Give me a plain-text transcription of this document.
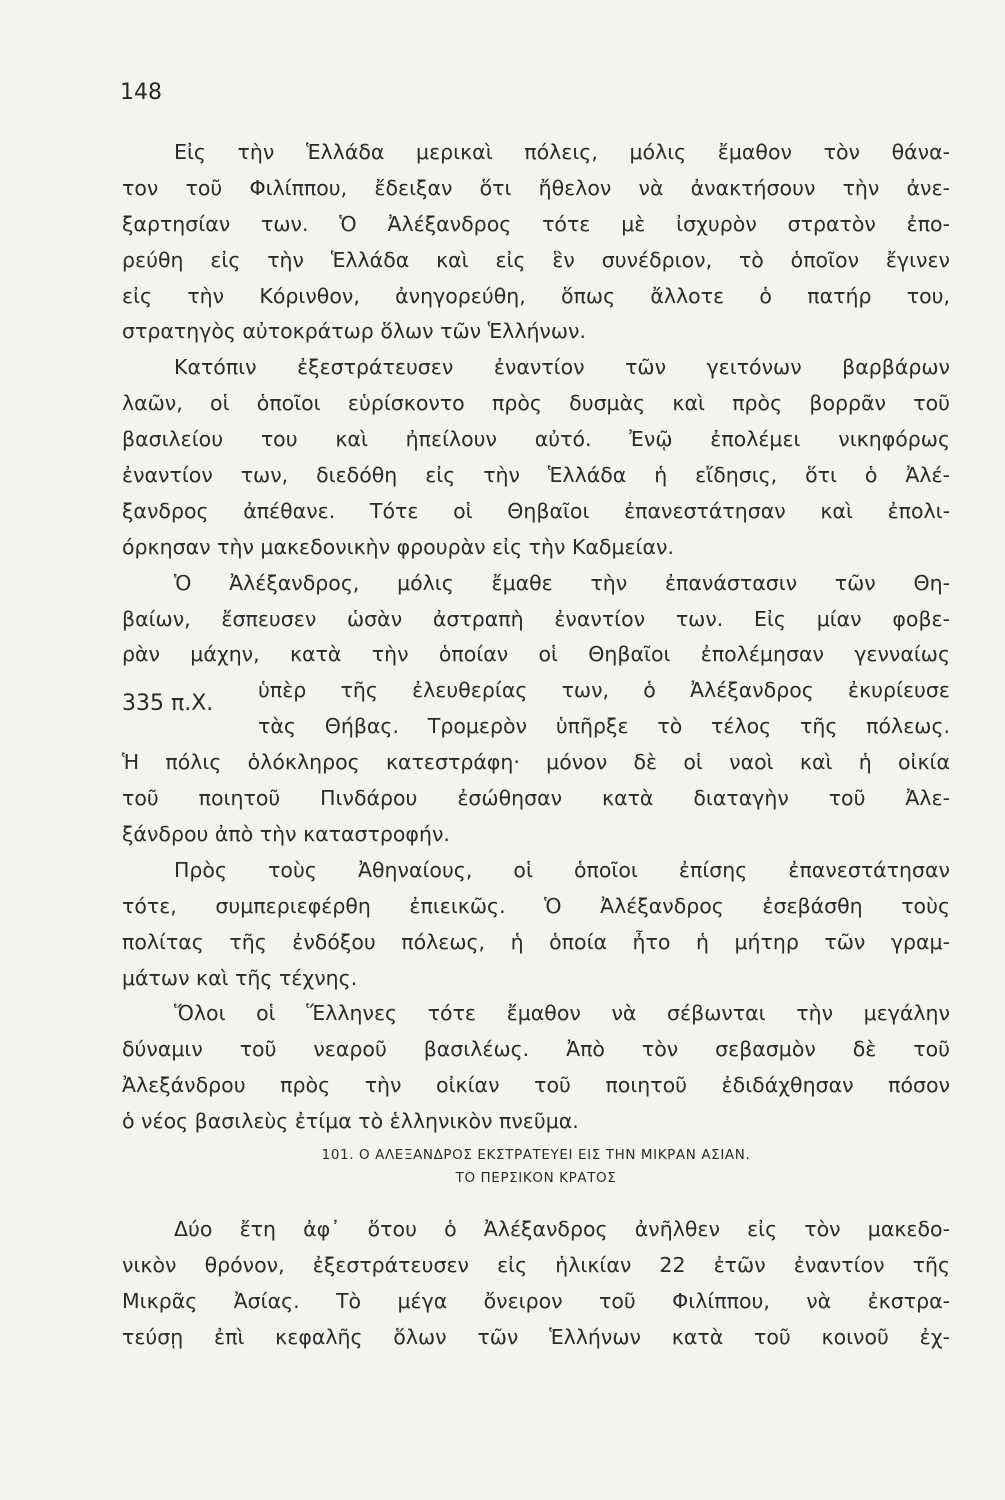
148
Εἰς τὴν Ἑλλάδα μερικαὶ πόλεις, μόλις ἔμαθον τὸν θάνα-
τον τοῦ Φιλίππου, ἔδειξαν ὅτι ἤθελον νὰ ἀνακτήσουν τὴν ἀνε-
ξαρτησίαν των. Ὁ Ἀλέξανδρος τότε μὲ ἰσχυρὸν στρατὸν ἐπο-
ρεύθη εἰς τὴν Ἑλλάδα καὶ εἰς ἓν συνέδριον, τὸ ὁποῖον ἔγινεν
εἰς τὴν Κόρινθον, ἀνηγορεύθη, ὅπως ἄλλοτε ὁ πατήρ του,
στρατηγὸς αὐτοκράτωρ ὅλων τῶν Ἑλλήνων.
Κατόπιν ἐξεστράτευσεν ἐναντίον τῶν γειτόνων βαρβάρων
λαῶν, οἱ ὁποῖοι εὑρίσκοντο πρὸς δυσμὰς καὶ πρὸς βορρᾶν τοῦ
βασιλείου του καὶ ἠπείλουν αὐτό. Ἐνῷ ἐπολέμει νικηφόρως
ἐναντίον των, διεδόθη εἰς τὴν Ἑλλάδα ἡ εἴδησις, ὅτι ὁ Ἀλέ-
ξανδρος ἀπέθανε. Τότε οἱ Θηβαῖοι ἐπανεστάτησαν καὶ ἐπολι-
όρκησαν τὴν μακεδονικὴν φρουρὰν εἰς τὴν Καδμείαν.
Ὁ Ἀλέξανδρος, μόλις ἔμαθε τὴν ἐπανάστασιν τῶν Θη-
βαίων, ἔσπευσεν ὡσὰν ἀστραπὴ ἐναντίον των. Εἰς μίαν φοβε-
ρὰν μάχην, κατὰ τὴν ὁποίαν οἱ Θηβαῖοι ἐπολέμησαν γενναίως
335 π.Χ.
ὑπὲρ τῆς ἐλευθερίας των, ὁ Ἀλέξανδρος ἐκυρίευσε
τὰς Θήβας. Τρομερὸν ὑπῆρξε τὸ τέλος τῆς πόλεως.
Ἡ πόλις ὁλόκληρος κατεστράφη· μόνον δὲ οἱ ναοὶ καὶ ἡ οἰκία
τοῦ ποιητοῦ Πινδάρου ἐσώθησαν κατὰ διαταγὴν τοῦ Ἀλε-
ξάνδρου ἀπὸ τὴν καταστροφήν.
Πρὸς τοὺς Ἀθηναίους, οἱ ὁποῖοι ἐπίσης ἐπανεστάτησαν
τότε, συμπεριεφέρθη ἐπιεικῶς. Ὁ Ἀλέξανδρος ἐσεβάσθη τοὺς
πολίτας τῆς ἐνδόξου πόλεως, ἡ ὁποία ἦτο ἡ μήτηρ τῶν γραμ-
μάτων καὶ τῆς τέχνης.
Ὅλοι οἱ Ἕλληνες τότε ἔμαθον νὰ σέβωνται τὴν μεγάλην
δύναμιν τοῦ νεαροῦ βασιλέως. Ἀπὸ τὸν σεβασμὸν δὲ τοῦ
Ἀλεξάνδρου πρὸς τὴν οἰκίαν τοῦ ποιητοῦ ἐδιδάχθησαν πόσον
ὁ νέος βασιλεὺς ἐτίμα τὸ ἑλληνικὸν πνεῦμα.
101. Ο ΑΛΕΞΑΝΔΡΟΣ ΕΚΣΤΡΑΤΕΥΕΙ ΕΙΣ ΤΗΝ ΜΙΚΡΑΝ ΑΣΙΑΝ.
ΤΟ ΠΕΡΣΙΚΟΝ ΚΡΑΤΟΣ
Δύο ἔτη ἀφ᾽ ὅτου ὁ Ἀλέξανδρος ἀνῆλθεν εἰς τὸν μακεδο-
νικὸν θρόνον, ἐξεστράτευσεν εἰς ἡλικίαν 22 ἐτῶν ἐναντίον τῆς
Μικρᾶς Ἀσίας. Τὸ μέγα ὄνειρον τοῦ Φιλίππου, νὰ ἐκστρα-
τεύσῃ ἐπὶ κεφαλῆς ὅλων τῶν Ἑλλήνων κατὰ τοῦ κοινοῦ ἐχ-
